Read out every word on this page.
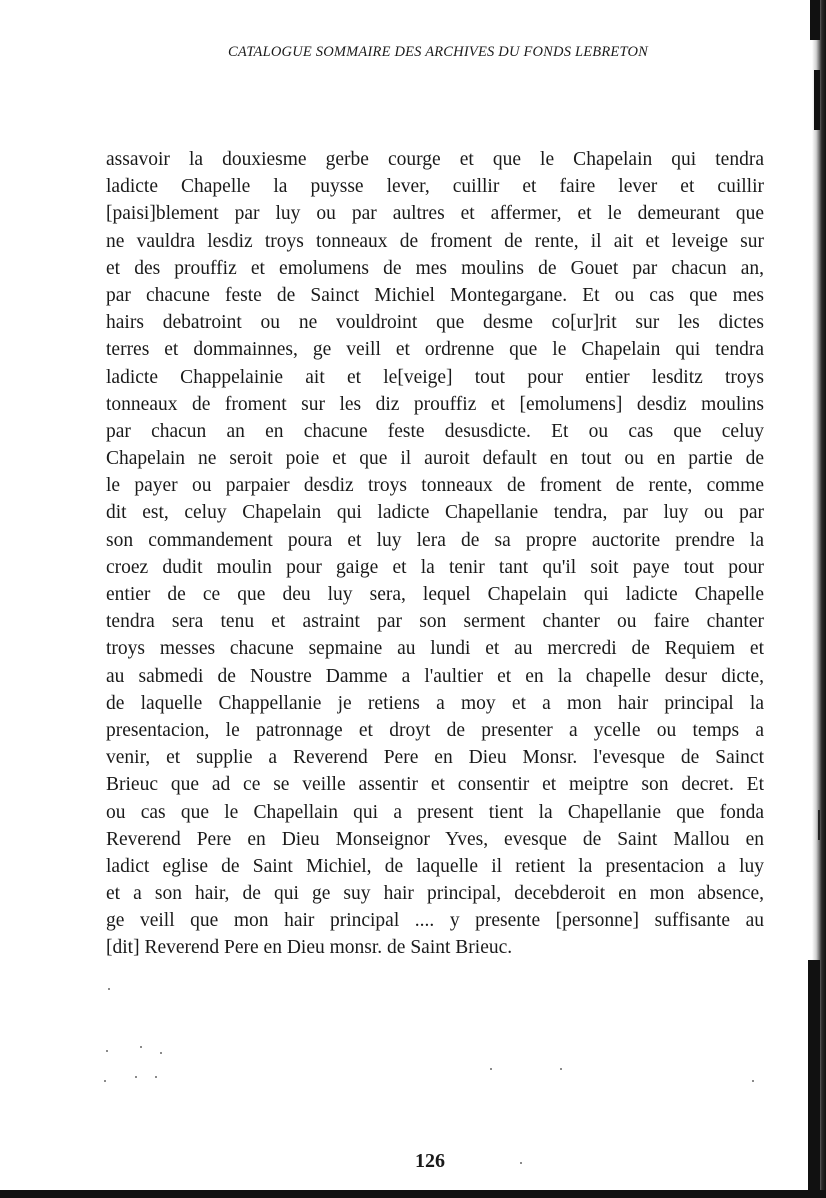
CATALOGUE SOMMAIRE DES ARCHIVES DU FONDS LEBRETON
assavoir la douxiesme gerbe courge et que le Chapelain qui tendra
ladicte Chapelle la puysse lever, cuillir et faire lever et cuillir
[paisi]blement par luy ou par aultres et affermer, et le demeurant que
ne vauldra lesdiz troys tonneaux de froment de rente, il ait et leveige sur
et des prouffiz et emolumens de mes moulins de Gouet par chacun an,
par chacune feste de Sainct Michiel Montegargane. Et ou cas que mes
hairs debatroint ou ne vouldroint que desme co[ur]rit sur les dictes
terres et dommainnes, ge veill et ordrenne que le Chapelain qui tendra
ladicte Chappelainie ait et le[veige] tout pour entier lesditz troys
tonneaux de froment sur les diz prouffiz et [emolumens] desdiz moulins
par chacun an en chacune feste desusdicte. Et ou cas que celuy
Chapelain ne seroit poie et que il auroit default en tout ou en partie de
le payer ou parpaier desdiz troys tonneaux de froment de rente, comme
dit est, celuy Chapelain qui ladicte Chapellanie tendra, par luy ou par
son commandement poura et luy lera de sa propre auctorite prendre la
croez dudit moulin pour gaige et la tenir tant qu'il soit paye tout pour
entier de ce que deu luy sera, lequel Chapelain qui ladicte Chapelle
tendra sera tenu et astraint par son serment chanter ou faire chanter
troys messes chacune sepmaine au lundi et au mercredi de Requiem et
au sabmedi de Noustre Damme a l'aultier et en la chapelle desur dicte,
de laquelle Chappellanie je retiens a moy et a mon hair principal la
presentacion, le patronnage et droyt de presenter a ycelle ou temps a
venir, et supplie a Reverend Pere en Dieu Monsr. l'evesque de Sainct
Brieuc que ad ce se veille assentir et consentir et meiptre son decret. Et
ou cas que le Chapellain qui a present tient la Chapellanie que fonda
Reverend Pere en Dieu Monseignor Yves, evesque de Saint Mallou en
ladict eglise de Saint Michiel, de laquelle il retient la presentacion a luy
et a son hair, de qui ge suy hair principal, decebderoit en mon absence,
ge veill que mon hair principal .... y presente [personne] suffisante au
[dit] Reverend Pere en Dieu monsr. de Saint Brieuc.
126
